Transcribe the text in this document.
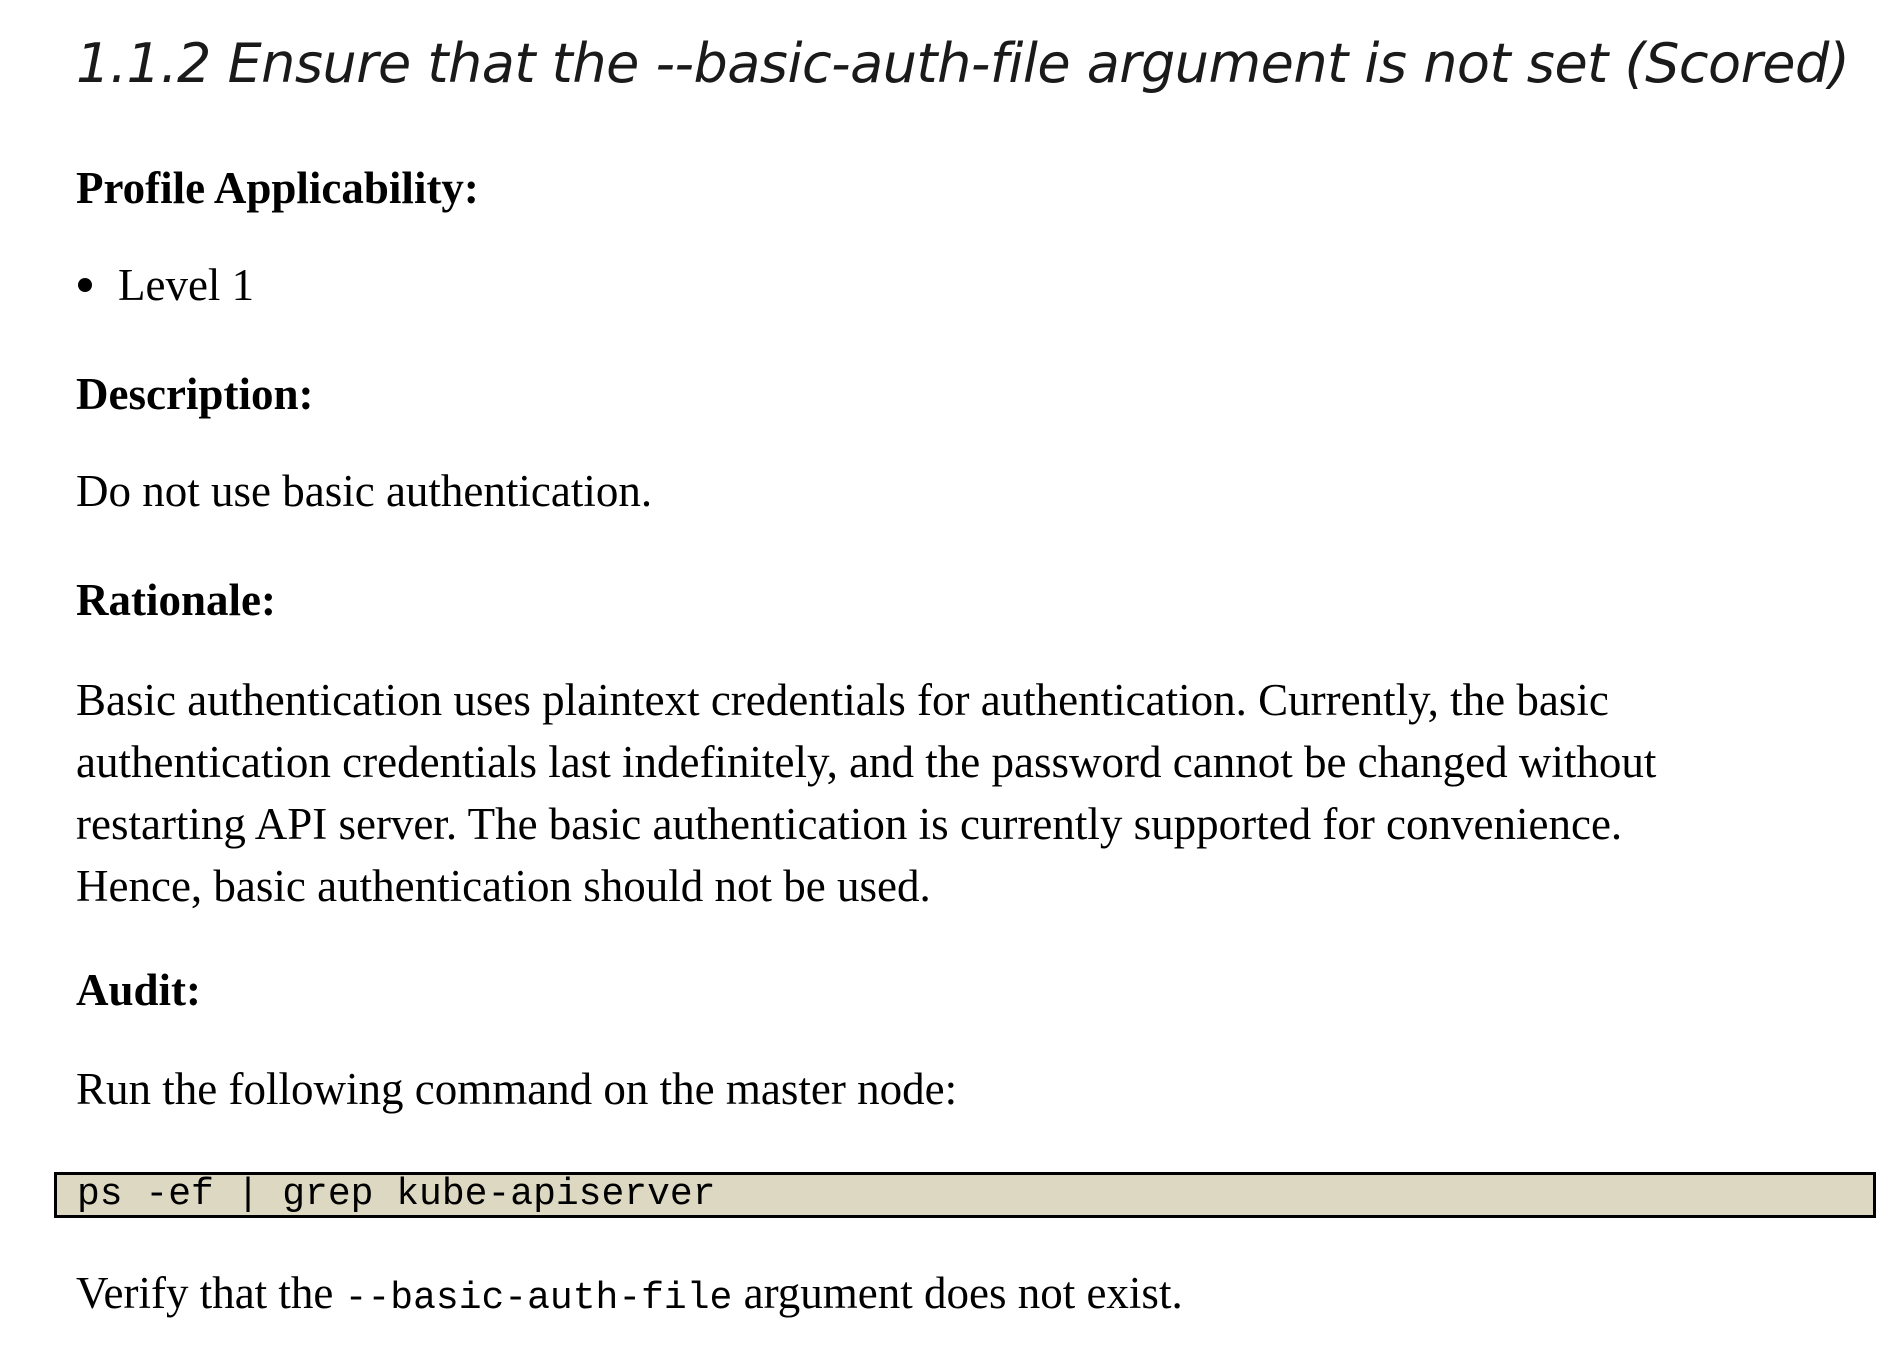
1.1.2 Ensure that the --basic-auth-file argument is not set (Scored)
Profile Applicability:
Level 1
Description:

Do not use basic authentication.

Rationale:

Basic authentication uses plaintext credentials for authentication. Currently, the basic
authentication credentials last indefinitely, and the password cannot be changed without
restarting API server. The basic authentication is currently supported for convenience.
Hence, basic authentication should not be used.

Audit:

Run the following command on the master node:

ps -ef | grep kube-apiserver

Verify that the --basic-auth-file argument does not exist.
